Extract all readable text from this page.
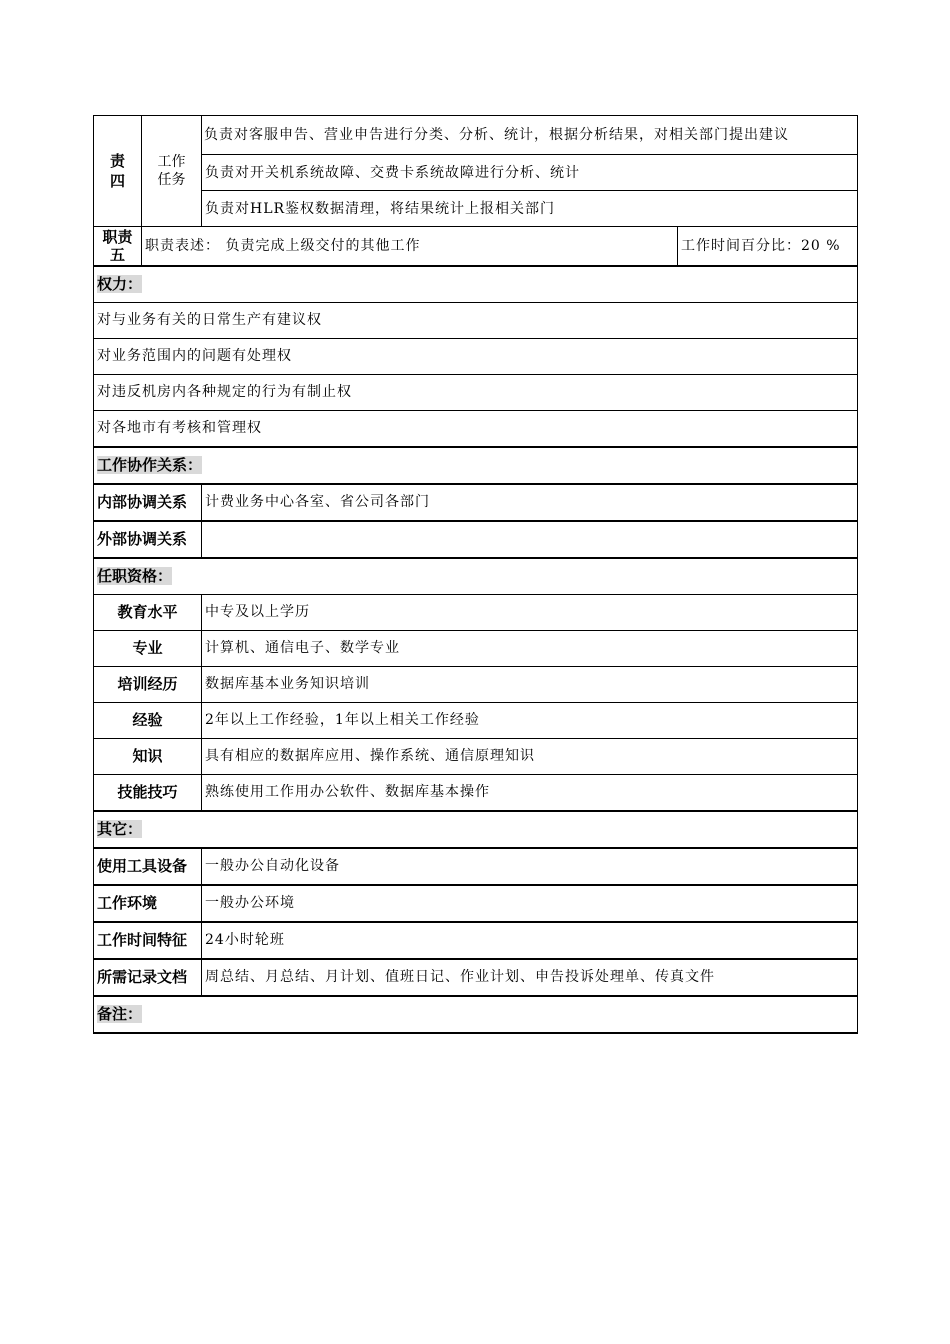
责四	工作任务	负责对客服申告、营业申告进行分类、分析、统计，根据分析结果，对相关部门提出建议	
		负责对开关机系统故障、交费卡系统故障进行分析、统计	
		负责对HLR鉴权数据清理，将结果统计上报相关部门	
职责五	职责表述： 负责完成上级交付的其他工作		工作时间百分比：20 %
权力：			
对与业务有关的日常生产有建议权			
对业务范围内的问题有处理权			
对违反机房内各种规定的行为有制止权			
对各地市有考核和管理权			
工作协作关系：			
内部协调关系		计费业务中心各室、省公司各部门	
外部协调关系			
任职资格：			
教育水平		中专及以上学历	
专业		计算机、通信电子、数学专业	
培训经历		数据库基本业务知识培训	
经验		2年以上工作经验，1年以上相关工作经验	
知识		具有相应的数据库应用、操作系统、通信原理知识	
技能技巧		熟练使用工作用办公软件、数据库基本操作	
其它：			
使用工具设备		一般办公自动化设备	
工作环境		一般办公环境	
工作时间特征		24小时轮班	
所需记录文档		周总结、月总结、月计划、值班日记、作业计划、申告投诉处理单、传真文件	
备注：			
